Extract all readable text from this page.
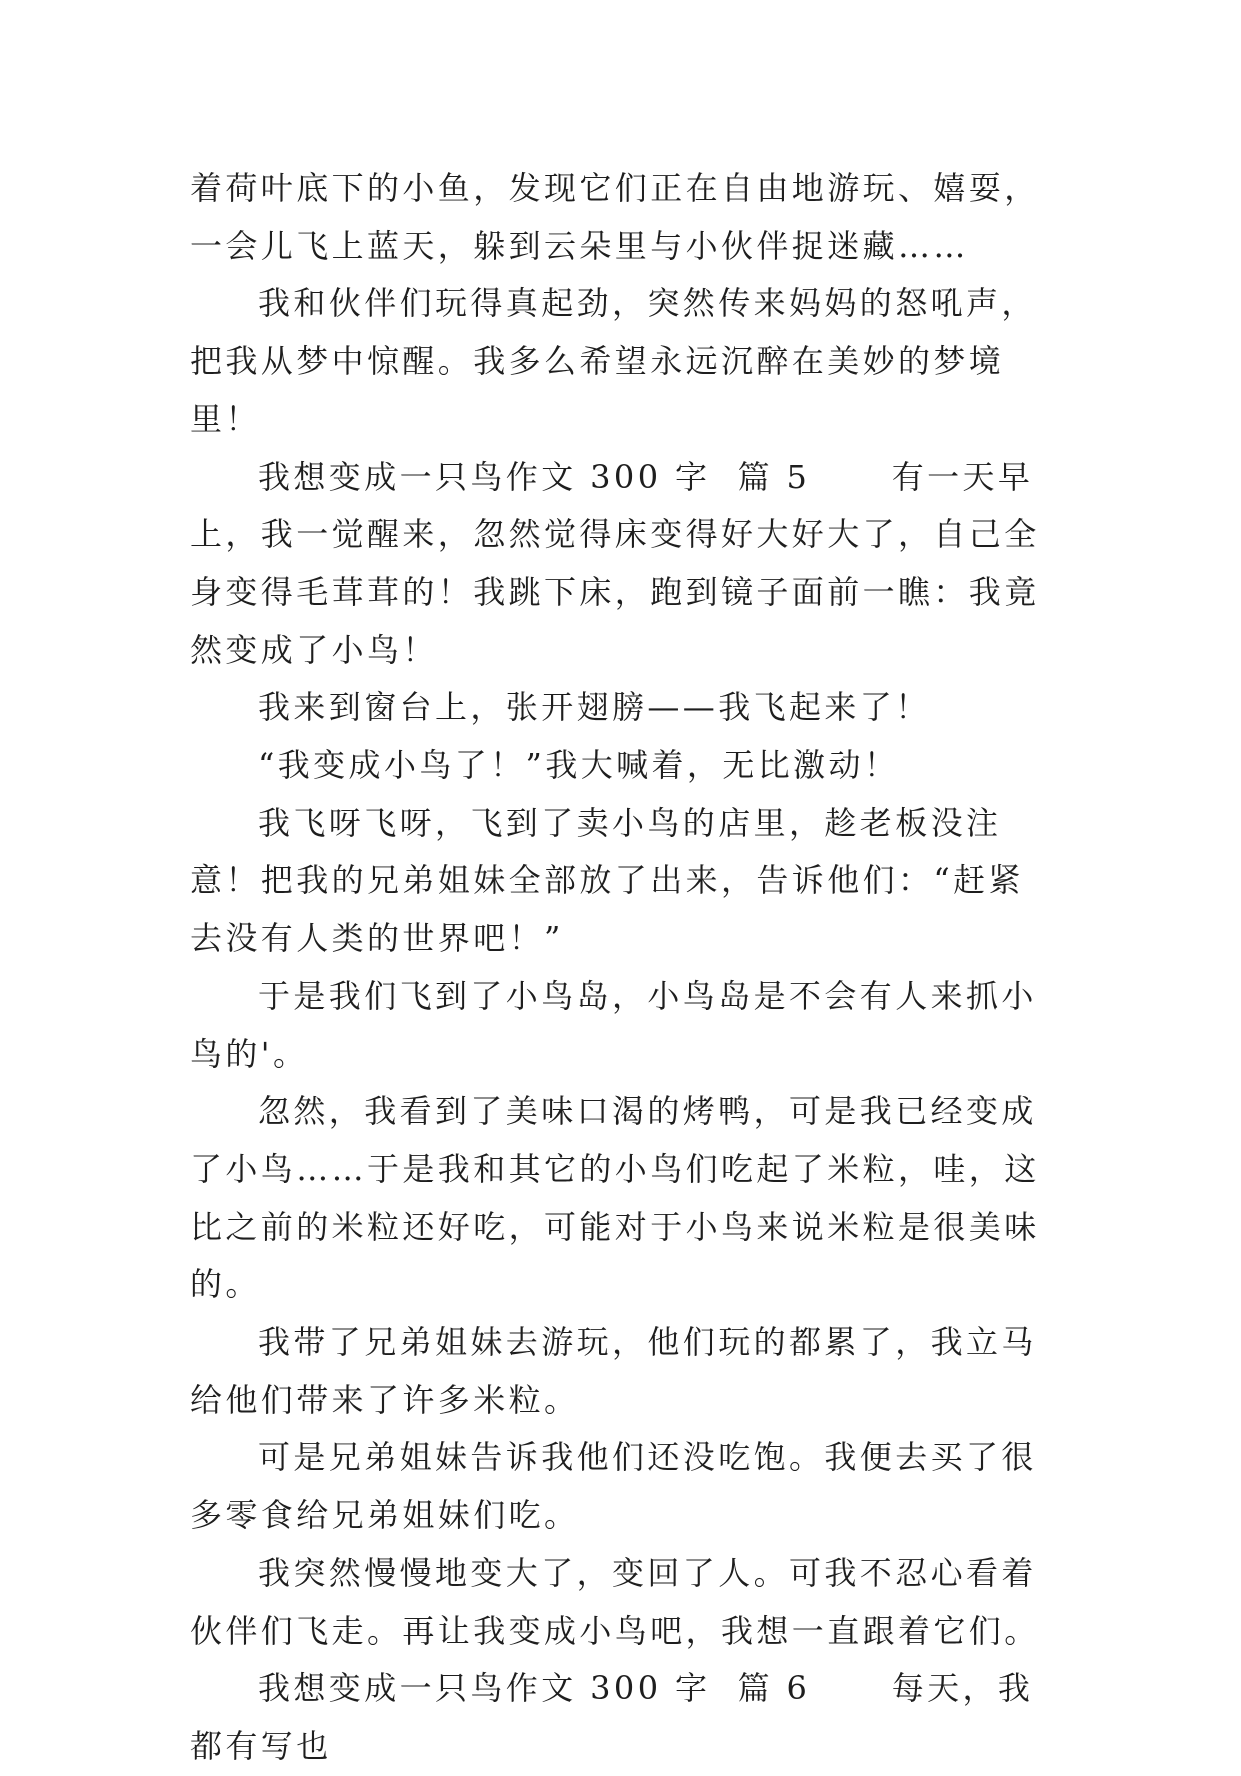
着荷叶底下的小鱼，发现它们正在自由地游玩、嬉耍，一会儿飞上蓝天，躲到云朵里与小伙伴捉迷藏……

我和伙伴们玩得真起劲，突然传来妈妈的怒吼声，把我从梦中惊醒。我多么希望永远沉醉在美妙的梦境里！

我想变成一只鸟作文 300 字  篇 5      有一天早上，我一觉醒来，忽然觉得床变得好大好大了，自己全身变得毛茸茸的！我跳下床，跑到镜子面前一瞧：我竟然变成了小鸟！

我来到窗台上，张开翅膀——我飞起来了！

“我变成小鸟了！”我大喊着，无比激动！

我飞呀飞呀，飞到了卖小鸟的店里，趁老板没注意！把我的兄弟姐妹全部放了出来，告诉他们：“赶紧去没有人类的世界吧！”

于是我们飞到了小鸟岛，小鸟岛是不会有人来抓小鸟的'。

忽然，我看到了美味口渴的烤鸭，可是我已经变成了小鸟……于是我和其它的小鸟们吃起了米粒，哇，这比之前的米粒还好吃，可能对于小鸟来说米粒是很美味的。

我带了兄弟姐妹去游玩，他们玩的都累了，我立马给他们带来了许多米粒。

可是兄弟姐妹告诉我他们还没吃饱。我便去买了很多零食给兄弟姐妹们吃。

我突然慢慢地变大了，变回了人。可我不忍心看着伙伴们飞走。再让我变成小鸟吧，我想一直跟着它们。

我想变成一只鸟作文 300 字  篇 6      每天，我都有写也
